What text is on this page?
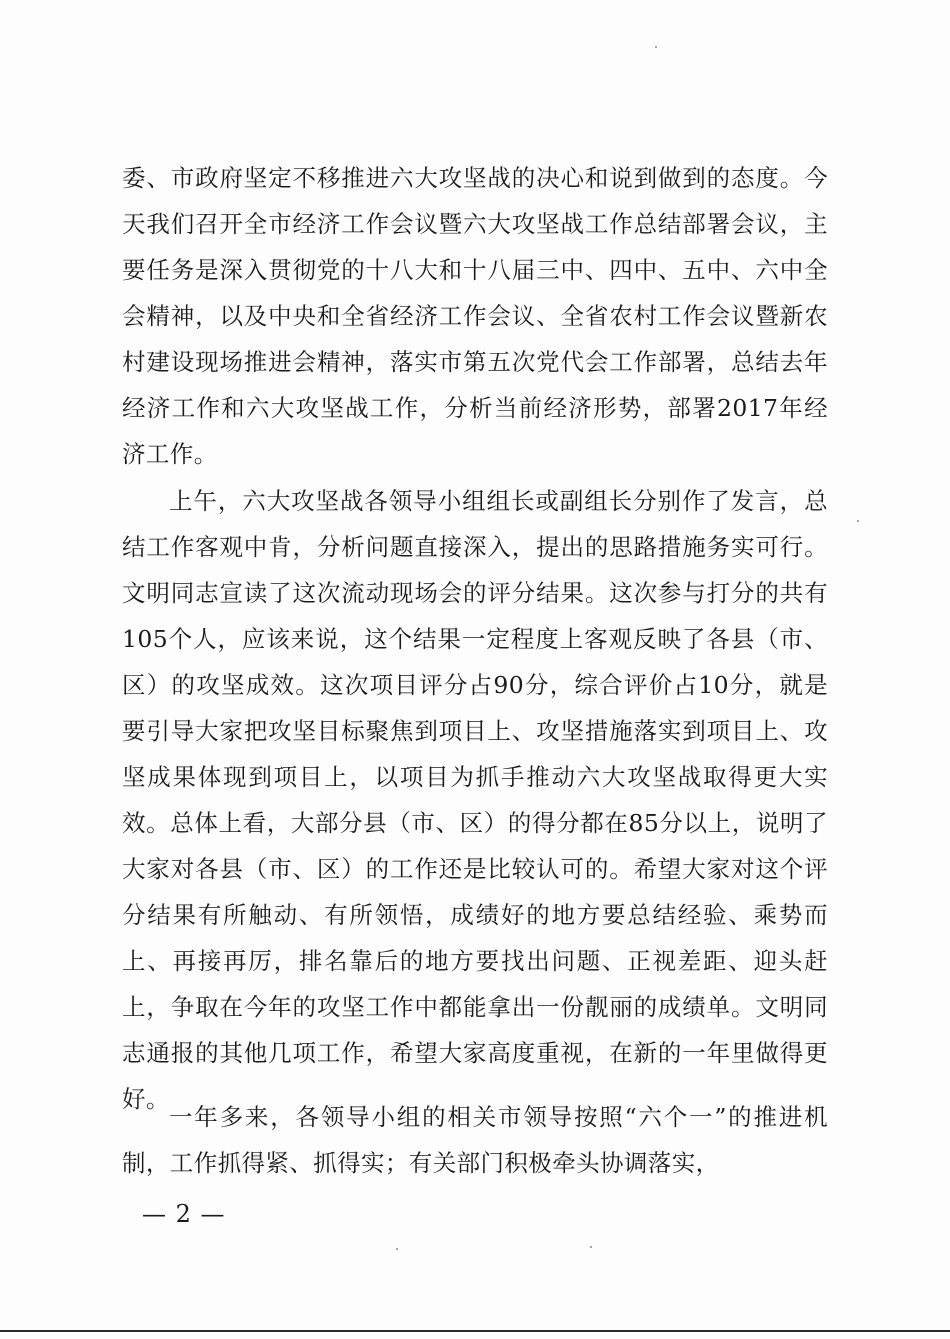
委、市政府坚定不移推进六大攻坚战的决心和说到做到的态度。今天我们召开全市经济工作会议暨六大攻坚战工作总结部署会议，主要任务是深入贯彻党的十八大和十八届三中、四中、五中、六中全会精神，以及中央和全省经济工作会议、全省农村工作会议暨新农村建设现场推进会精神，落实市第五次党代会工作部署，总结去年经济工作和六大攻坚战工作，分析当前经济形势，部署2017年经济工作。

上午，六大攻坚战各领导小组组长或副组长分别作了发言，总结工作客观中肯，分析问题直接深入，提出的思路措施务实可行。文明同志宣读了这次流动现场会的评分结果。这次参与打分的共有105个人，应该来说，这个结果一定程度上客观反映了各县（市、区）的攻坚成效。这次项目评分占90分，综合评价占10分，就是要引导大家把攻坚目标聚焦到项目上、攻坚措施落实到项目上、攻坚成果体现到项目上，以项目为抓手推动六大攻坚战取得更大实效。总体上看，大部分县（市、区）的得分都在85分以上，说明了大家对各县（市、区）的工作还是比较认可的。希望大家对这个评分结果有所触动、有所领悟，成绩好的地方要总结经验、乘势而上、再接再厉，排名靠后的地方要找出问题、正视差距、迎头赶上，争取在今年的攻坚工作中都能拿出一份靓丽的成绩单。文明同志通报的其他几项工作，希望大家高度重视，在新的一年里做得更好。

一年多来，各领导小组的相关市领导按照“六个一”的推进机制，工作抓得紧、抓得实；有关部门积极牵头协调落实，

— 2 —
